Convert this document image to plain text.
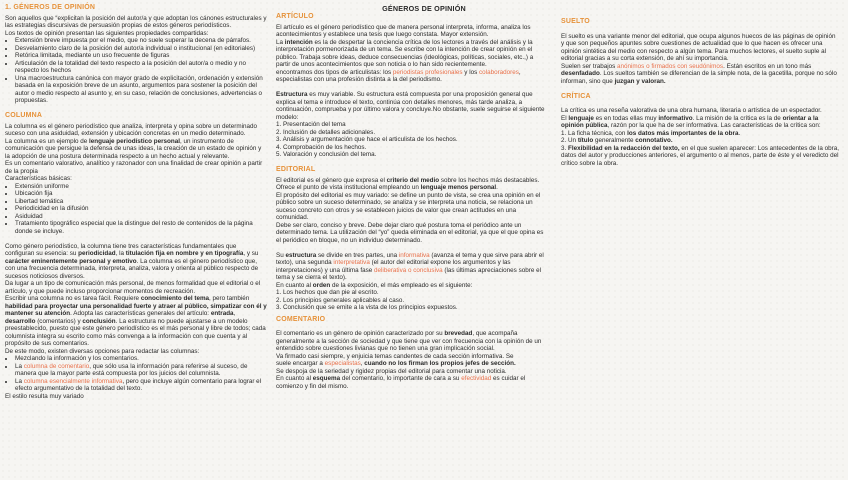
GÉNEROS DE OPINIÓN
1. GÉNEROS DE OPINIÓN

Son aquellos que “explicitan la posición del autor/a y que adoptan los cánones estructurales y las estrategias discursivas de persuasión propias de estos géneros periodísticos.

Los textos de opinión presentan las siguientes propiedades compartidas:

• Extensión breve impuesta por el medio, que no suele superar la decena de párrafos.
• Desvelamiento claro de la posición del autor/a individual o institucional (en editoriales)
• Retórica limitada, mediante un uso frecuente de figuras
• Articulación de la totalidad del texto respecto a la posición del autor/a o medio y no respecto los hechos
• Una macroestructura canónica con mayor grado de explicitación, ordenación y extensión basada en la exposición breve de un asunto, argumentos para sostener la posición del autor o medio respecto al asunto y, en su caso, relación de conclusiones, advertencias o propuestas.
COLUMNA

La columna es el género periodístico que analiza, interpreta y opina sobre un determinado suceso con una asiduidad, extensión y ubicación concretas en un medio determinado.

La columna es un ejemplo de lenguaje periodístico personal, un instrumento de comunicación que persigue la defensa de unas ideas, la creación de un estado de opinión y la adopción de una postura determinada respecto a un hecho actual y relevante.

Es un comentario valorativo, analítico y razonador con una finalidad de crear opinión a partir de la propia

Características básicas:

• Extensión uniforme
• Ubicación fija
• Libertad temática
• Periodicidad en la difusión
• Asiduidad
• Tratamiento tipográfico especial que la distingue del resto de contenidos de la página donde se incluye.

Como género periodístico, la columna tiene tres características fundamentales que configuran su esencia: su periodicidad, la titulación fija en nombre y en tipografía, y su carácter eminentemente personal y emotivo. La columna es el género periodístico que, con una frecuencia determinada, interpreta, analiza, valora y orienta al público respecto de sucesos noticiosos diversos.

Da lugar a un tipo de comunicación más personal, de menos formalidad que el editorial o el artículo, y que puede incluso proporcionar momentos de recreación.

Escribir una columna no es tarea fácil. Requiere conocimiento del tema, pero también habilidad para proyectar una personalidad fuerte y atraer al público, simpatizar con él y mantener su atención. Adopta las características generales del artículo: entrada, desarrollo (comentarios) y conclusión. La estructura no puede ajustarse a un modelo preestablecido, puesto que este género periodístico es el más personal y libre de todos; cada columnista integra su escrito como más convenga a la información con que cuenta y al propósito de sus comentarios.

De este modo, existen diversas opciones para redactar las columnas:

• Mezclando la información y los comentarios.
• La columna de comentario, que sólo usa la información para referirse al suceso, de manera que la mayor parte está compuesta por los juicios del columnista.
• La columna esencialmente informativa, pero que incluye algún comentario para lograr el efecto argumentativo de la totalidad del texto.

El estilo resulta muy variado

ARTÍCULO

El artículo es el género periodístico que de manera personal interpreta, informa, analiza los acontecimientos y establece una tesis que luego constata. Mayor extensión.

La intención es la de despertar la conciencia crítica de los lectores a través del análisis y la interpretación pormenorizada de un tema. Se escribe con la intención de crear opinión en el público. Trabaja sobre ideas, deduce consecuencias (ideológicas, políticas, sociales, etc.,) a partir de unos acontecimientos que son noticia o lo han sido recientemente.

encontramos dos tipos de articulistas: los periodistas profesionales y los colaboradores, especialistas con una profesión distinta a la del periodismo.

Estructura es muy variable. Su estructura está compuesta por una proposición general que explica el tema e introduce el texto, continúa con detalles menores, más tarde analiza, a continuación, comprueba y por último valora y concluye.No obstante, suele seguirse el siguiente modelo:

1. Presentación del tema

2. Inclusión de detalles adicionales.

3. Análisis y argumentación que hace el articulista de los hechos.

4. Comprobación de los hechos.

5. Valoración y conclusión del tema.

EDITORIAL

El editorial es el género que expresa el criterio del medio sobre los hechos más destacables. Ofrece el punto de vista institucional empleando un lenguaje menos personal.

El propósito del editorial es muy variado: se define un punto de vista, se crea una opinión en el público sobre un suceso determinado, se analiza y se interpreta una noticia, se relaciona un suceso concreto con otros y se establecen juicios de valor que crean actitudes en una comunidad.

Debe ser claro, conciso y breve. Debe dejar claro qué postura toma el periódico ante un determinado tema. La utilización del “yo” queda eliminada en el editorial, ya que el que opina es el periódico en bloque, no un individuo determinado.

Su estructura se divide en tres partes, una informativa (avanza el tema y que sirve para abrir el texto), una segunda interpretativa (el autor del editorial expone los argumentos y las interpretaciones) y una última fase deliberativa o conclusiva (las últimas apreciaciones sobre el tema y se cierra el texto).

En cuanto al orden de la exposición, el más empleado es el siguiente:

1. Los hechos que dan pie al escrito.

2. Los principios generales aplicables al caso.

3. Conclusión que se emite a la vista de los principios expuestos.

COMENTARIO

El comentario es un género de opinión caracterizado por su brevedad, que acompaña generalmente a la sección de sociedad y que tiene que ver con frecuencia con la opinión de un entendido sobre cuestiones livianas que no tienen una gran implicación social.

Va firmado casi siempre, y enjuicia temas candentes de cada sección informativa. Se

suele encargar a especialistas, cuando no los firman los propios jefes de sección.

Se despoja de la seriedad y rigidez propias del editorial para comentar una noticia.

En cuanto al esquema del comentario, lo importante de cara a su efectividad es cuidar el comienzo y fin del mismo.

SUELTO

El suelto es una variante menor del editorial, que ocupa algunos huecos de las páginas de opinión y que son pequeños apuntes sobre cuestiones de actualidad que lo que hacen es ofrecer una opinión sintética del medio con respecto a algún tema. Para muchos lectores, el suelto suple al editorial gracias a su corta extensión, de ahí su importancia.

Suelen ser trabajos anónimos o firmados con seudónimos. Están escritos en un tono más desenfadado. Los sueltos también se diferencian de la simple nota, de la gacetilla, porque no sólo informan, sino que juzgan y valoran.

CRÍTICA

La crítica es una reseña valorativa de una obra humana, literaria o artística de un espectador.

El lenguaje es en todas ellas muy informativo. La misión de la crítica es la de orientar a la opinión pública, razón por la que ha de ser informativa. Las características de la crítica son:

1. La ficha técnica, con los datos más importantes de la obra.

2. Un título generalmente connotativo.

3. Flexibilidad en la redacción del texto, en el que suelen aparecer: Los antecedentes de la obra, datos del autor y producciones anteriores, el argumento o al menos, parte de éste y el veredicto del crítico sobre la obra.
